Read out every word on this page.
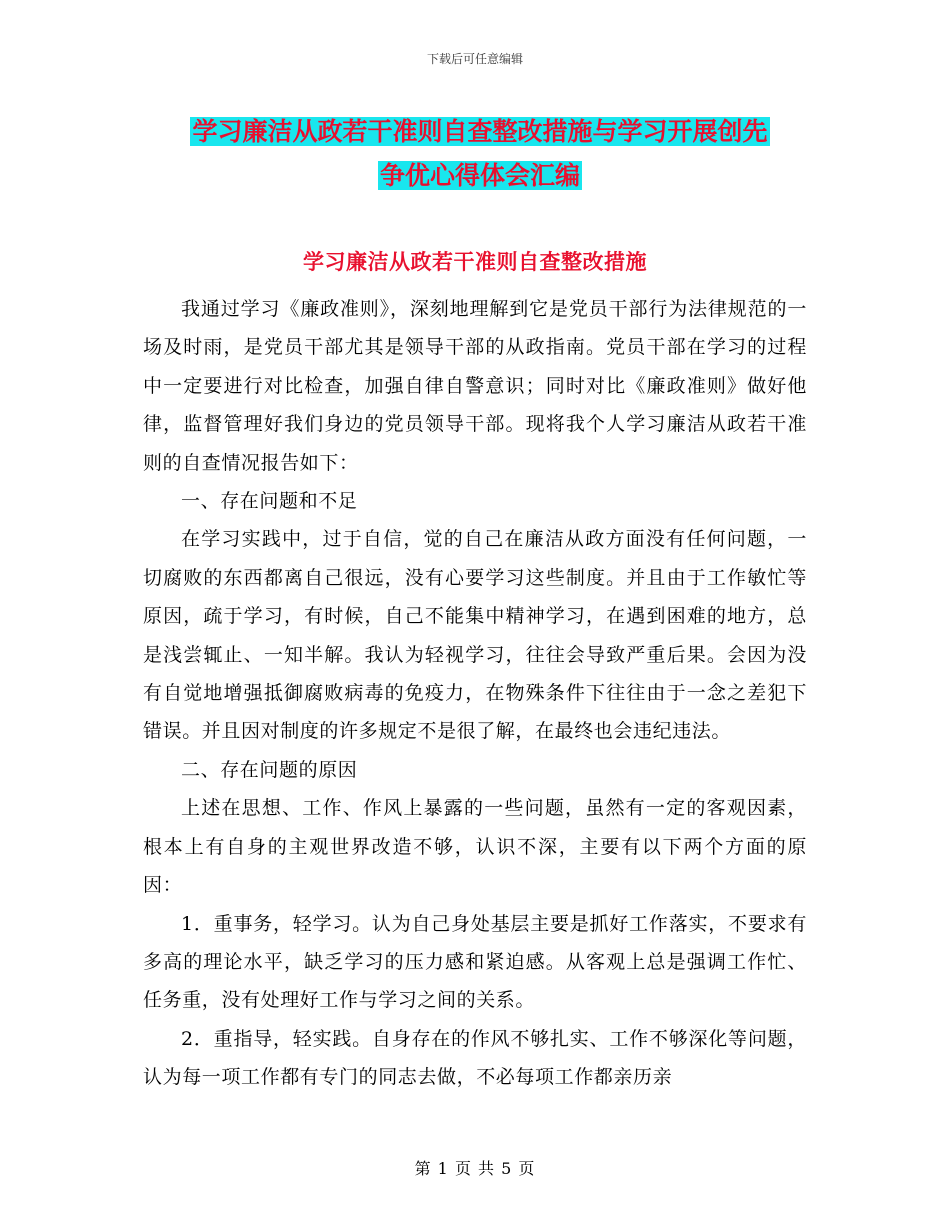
下载后可任意编辑
学习廉洁从政若干准则自查整改措施与学习开展创先
争优心得体会汇编
学习廉洁从政若干准则自查整改措施

我通过学习《廉政准则》，深刻地理解到它是党员干部行为法律规范的一场及时雨，是党员干部尤其是领导干部的从政指南。党员干部在学习的过程中一定要进行对比检查，加强自律自警意识；同时对比《廉政准则》做好他律，监督管理好我们身边的党员领导干部。现将我个人学习廉洁从政若干准则的自查情况报告如下：

一、存在问题和不足

在学习实践中，过于自信，觉的自己在廉洁从政方面没有任何问题，一切腐败的东西都离自己很远，没有心要学习这些制度。并且由于工作敏忙等原因，疏于学习，有时候，自己不能集中精神学习，在遇到困难的地方，总是浅尝辄止、一知半解。我认为轻视学习，往往会导致严重后果。会因为没有自觉地增强抵御腐败病毒的免疫力，在物殊条件下往往由于一念之差犯下错误。并且因对制度的许多规定不是很了解，在最终也会违纪违法。

二、存在问题的原因

上述在思想、工作、作风上暴露的一些问题，虽然有一定的客观因素，根本上有自身的主观世界改造不够，认识不深，主要有以下两个方面的原因：

1．重事务，轻学习。认为自己身处基层主要是抓好工作落实，不要求有多高的理论水平，缺乏学习的压力感和紧迫感。从客观上总是强调工作忙、任务重，没有处理好工作与学习之间的关系。

2．重指导，轻实践。自身存在的作风不够扎实、工作不够深化等问题，认为每一项工作都有专门的同志去做，不必每项工作都亲历亲

第 1 页 共 5 页
